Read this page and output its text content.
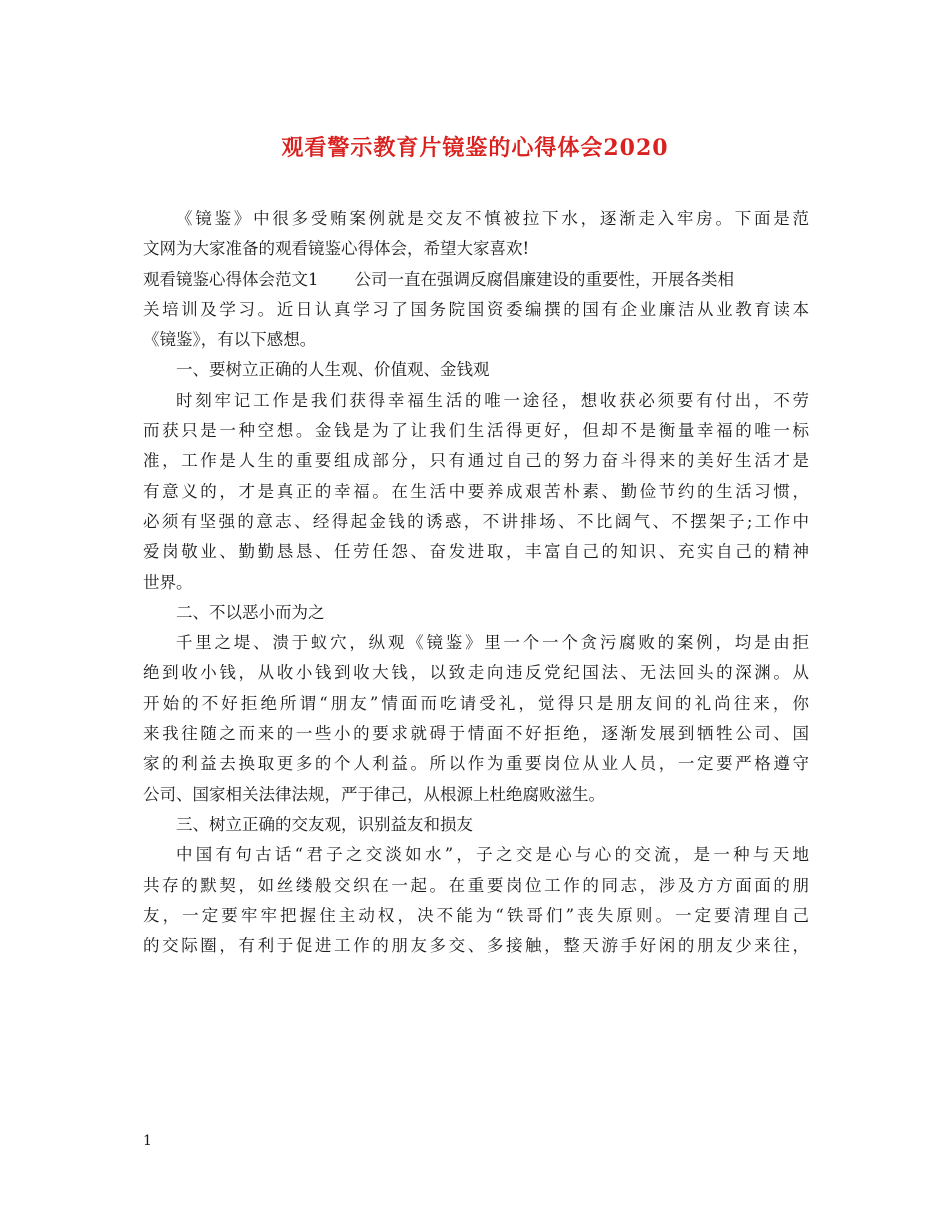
观看警示教育片镜鉴的心得体会2020
《镜鉴》中很多受贿案例就是交友不慎被拉下水，逐渐走入牢房。下面是范
文网为大家准备的观看镜鉴心得体会，希望大家喜欢!
观看镜鉴心得体会范文1 公司一直在强调反腐倡廉建设的重要性，开展各类相
关培训及学习。近日认真学习了国务院国资委编撰的国有企业廉洁从业教育读本
《镜鉴》，有以下感想。
一、要树立正确的人生观、价值观、金钱观
时刻牢记工作是我们获得幸福生活的唯一途径，想收获必须要有付出，不劳
而获只是一种空想。金钱是为了让我们生活得更好，但却不是衡量幸福的唯一标
准，工作是人生的重要组成部分，只有通过自己的努力奋斗得来的美好生活才是
有意义的，才是真正的幸福。在生活中要养成艰苦朴素、勤俭节约的生活习惯，
必须有坚强的意志、经得起金钱的诱惑，不讲排场、不比阔气、不摆架子;工作中
爱岗敬业、勤勤恳恳、任劳任怨、奋发进取，丰富自己的知识、充实自己的精神
世界。
二、不以恶小而为之
千里之堤、溃于蚁穴，纵观《镜鉴》里一个一个贪污腐败的案例，均是由拒
绝到收小钱，从收小钱到收大钱，以致走向违反党纪国法、无法回头的深渊。从
开始的不好拒绝所谓“朋友”情面而吃请受礼，觉得只是朋友间的礼尚往来，你
来我往随之而来的一些小的要求就碍于情面不好拒绝，逐渐发展到牺牲公司、国
家的利益去换取更多的个人利益。所以作为重要岗位从业人员，一定要严格遵守
公司、国家相关法律法规，严于律己，从根源上杜绝腐败滋生。
三、树立正确的交友观，识别益友和损友
中国有句古话“君子之交淡如水”，子之交是心与心的交流，是一种与天地
共存的默契，如丝缕般交织在一起。在重要岗位工作的同志，涉及方方面面的朋
友，一定要牢牢把握住主动权，决不能为“铁哥们”丧失原则。一定要清理自己
的交际圈，有利于促进工作的朋友多交、多接触，整天游手好闲的朋友少来往，
1
